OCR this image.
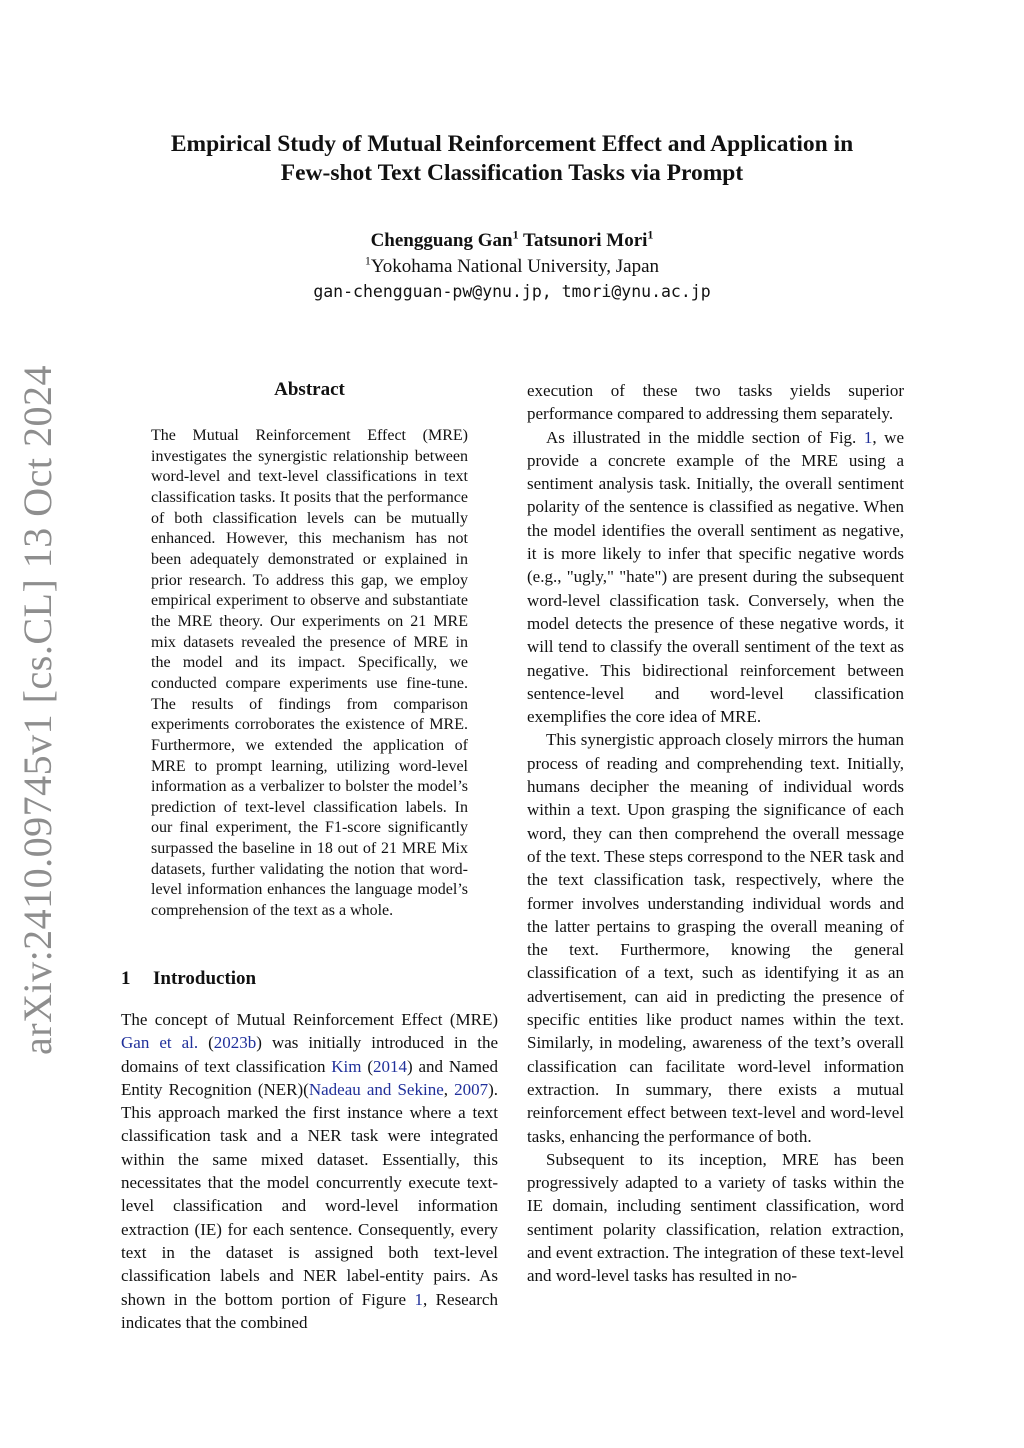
arXiv:2410.09745v1 [cs.CL] 13 Oct 2024
Empirical Study of Mutual Reinforcement Effect and Application in
Few-shot Text Classification Tasks via Prompt
Chengguang Gan$^1$ Tatsunori Mori$^1$
$^1$Yokohama National University, Japan
gan-chengguan-pw@ynu.jp, tmori@ynu.ac.jp
Abstract
The Mutual Reinforcement Effect (MRE) investigates the synergistic relationship between word-level and text-level classifications in text classification tasks. It posits that the performance of both classification levels can be mutually enhanced. However, this mechanism has not been adequately demonstrated or explained in prior research. To address this gap, we employ empirical experiment to observe and substantiate the MRE theory. Our experiments on 21 MRE mix datasets revealed the presence of MRE in the model and its impact. Specifically, we conducted compare experiments use fine-tune. The results of findings from comparison experiments corroborates the existence of MRE. Furthermore, we extended the application of MRE to prompt learning, utilizing word-level information as a verbalizer to bolster the model’s prediction of text-level classification labels. In our final experiment, the F1-score significantly surpassed the baseline in 18 out of 21 MRE Mix datasets, further validating the notion that word-level information enhances the language model’s comprehension of the text as a whole.
1 Introduction

The concept of Mutual Reinforcement Effect (MRE) Gan et al. (2023b) was initially introduced in the domains of text classification Kim (2014) and Named Entity Recognition (NER)(Nadeau and Sekine, 2007). This approach marked the first instance where a text classification task and a NER task were integrated within the same mixed dataset. Essentially, this necessitates that the model concurrently execute text-level classification and word-level information extraction (IE) for each sentence. Consequently, every text in the dataset is assigned both text-level classification labels and NER label-entity pairs. As shown in the bottom portion of Figure 1, Research indicates that the combined

execution of these two tasks yields superior performance compared to addressing them separately.

As illustrated in the middle section of Fig. 1, we provide a concrete example of the MRE using a sentiment analysis task. Initially, the overall sentiment polarity of the sentence is classified as negative. When the model identifies the overall sentiment as negative, it is more likely to infer that specific negative words (e.g., "ugly," "hate") are present during the subsequent word-level classification task. Conversely, when the model detects the presence of these negative words, it will tend to classify the overall sentiment of the text as negative. This bidirectional reinforcement between sentence-level and word-level classification exemplifies the core idea of MRE.

This synergistic approach closely mirrors the human process of reading and comprehending text. Initially, humans decipher the meaning of individual words within a text. Upon grasping the significance of each word, they can then comprehend the overall message of the text. These steps correspond to the NER task and the text classification task, respectively, where the former involves understanding individual words and the latter pertains to grasping the overall meaning of the text. Furthermore, knowing the general classification of a text, such as identifying it as an advertisement, can aid in predicting the presence of specific entities like product names within the text. Similarly, in modeling, awareness of the text’s overall classification can facilitate word-level information extraction. In summary, there exists a mutual reinforcement effect between text-level and word-level tasks, enhancing the performance of both.

Subsequent to its inception, MRE has been progressively adapted to a variety of tasks within the IE domain, including sentiment classification, word sentiment polarity classification, relation extraction, and event extraction. The integration of these text-level and word-level tasks has resulted in no-
